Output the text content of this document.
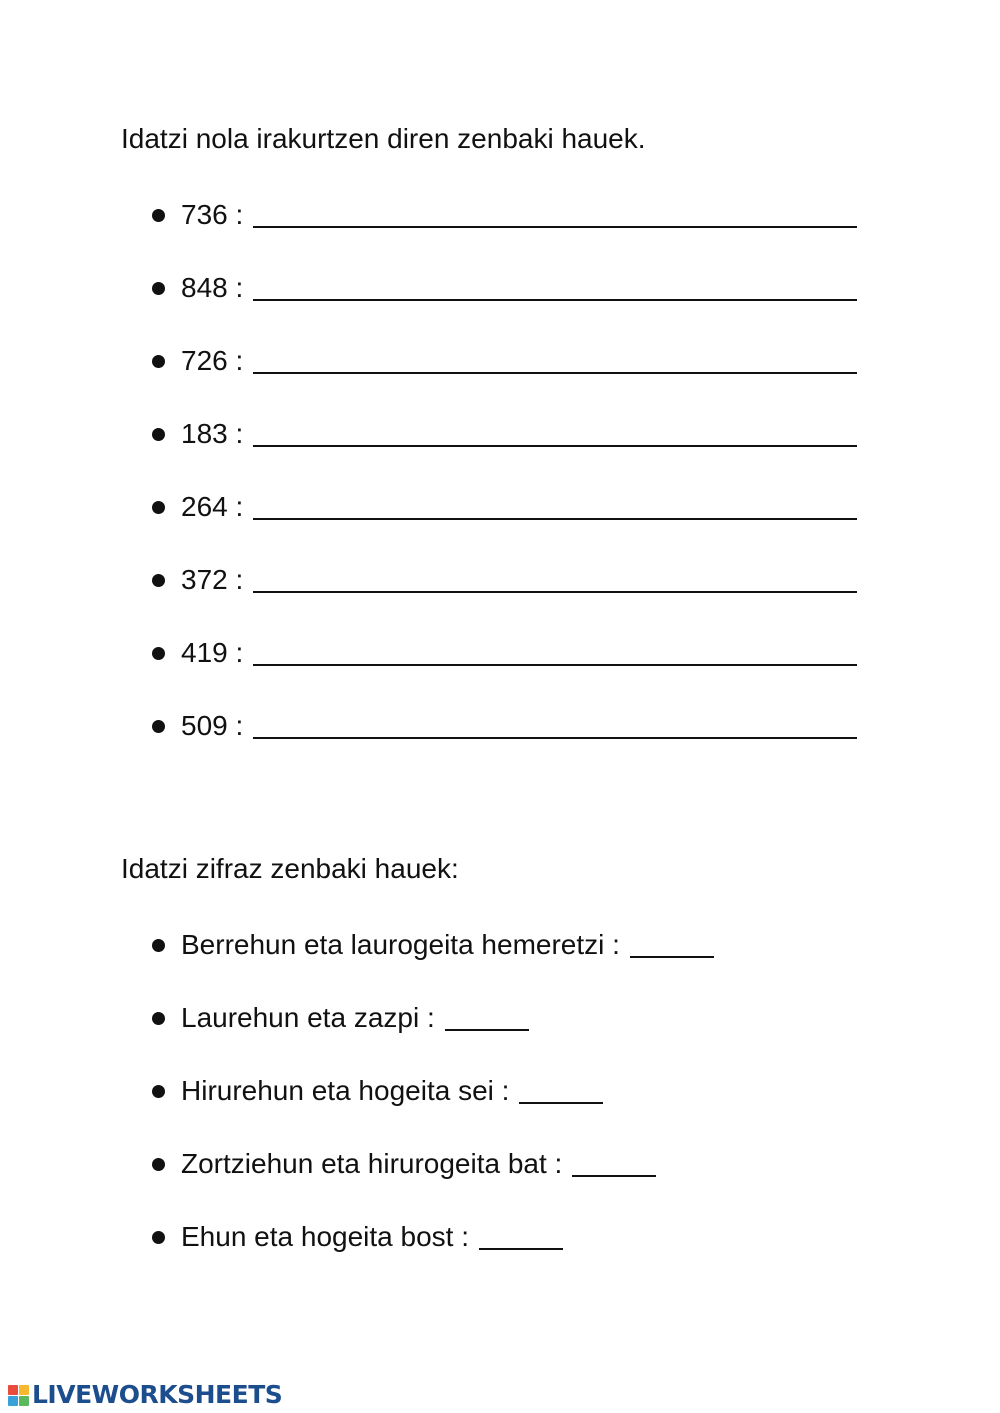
Idatzi nola irakurtzen diren zenbaki hauek.
736 :
848 :
726 :
183 :
264 :
372 :
419 :
509 :
Idatzi zifraz zenbaki hauek:
Berrehun eta laurogeita hemeretzi :
Laurehun eta zazpi :
Hirurehun eta hogeita sei :
Zortziehun eta hirurogeita bat :
Ehun eta hogeita bost :
LIVEWORKSHEETS
